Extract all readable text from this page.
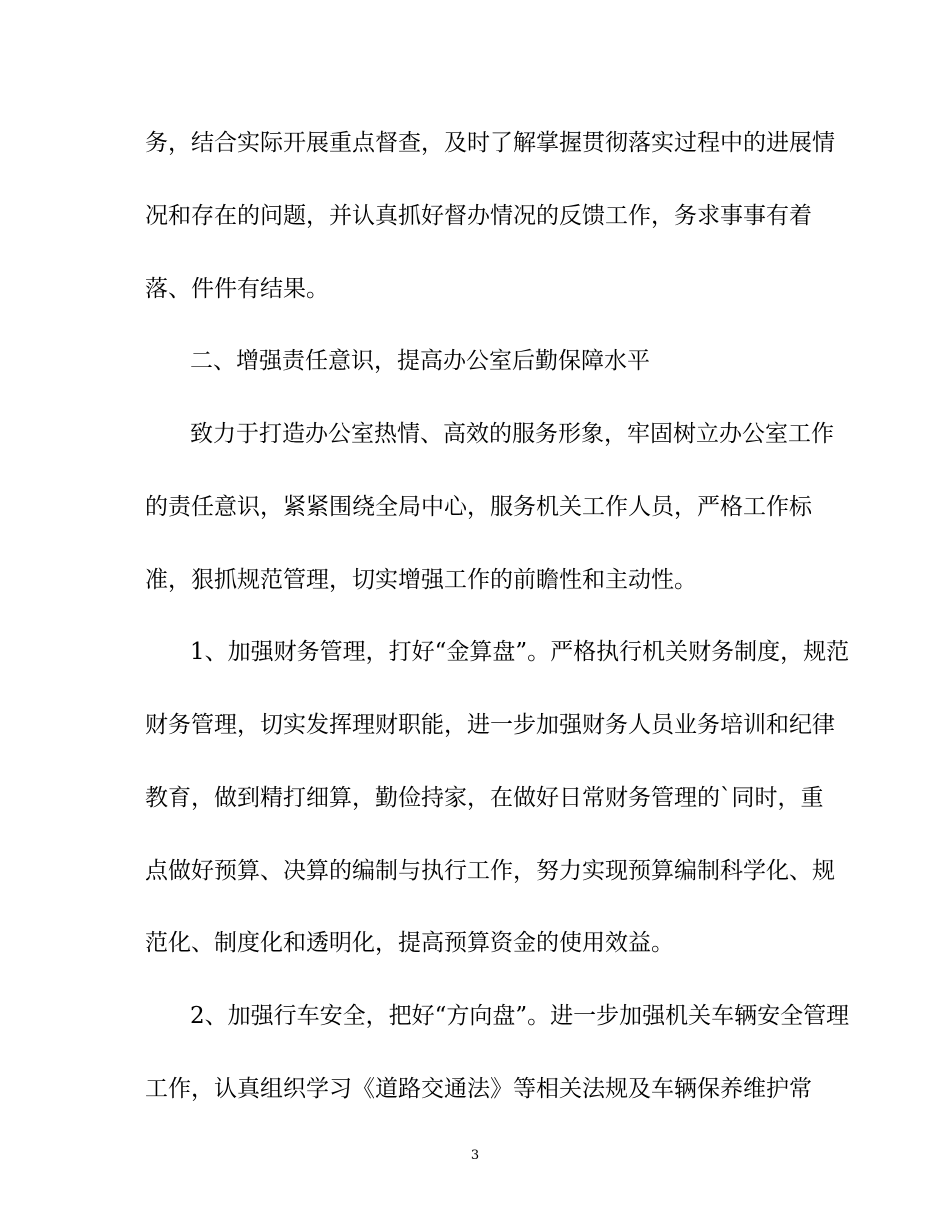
务，结合实际开展重点督查，及时了解掌握贯彻落实过程中的进展情
况和存在的问题，并认真抓好督办情况的反馈工作，务求事事有着
落、件件有结果。
二、增强责任意识，提高办公室后勤保障水平
致力于打造办公室热情、高效的服务形象，牢固树立办公室工作
的责任意识，紧紧围绕全局中心，服务机关工作人员，严格工作标
准，狠抓规范管理，切实增强工作的前瞻性和主动性。
1、加强财务管理，打好“金算盘”。严格执行机关财务制度，规范
财务管理，切实发挥理财职能，进一步加强财务人员业务培训和纪律
教育，做到精打细算，勤俭持家，在做好日常财务管理的`同时，重
点做好预算、决算的编制与执行工作，努力实现预算编制科学化、规
范化、制度化和透明化，提高预算资金的使用效益。
2、加强行车安全，把好“方向盘”。进一步加强机关车辆安全管理
工作，认真组织学习《道路交通法》等相关法规及车辆保养维护常
3
